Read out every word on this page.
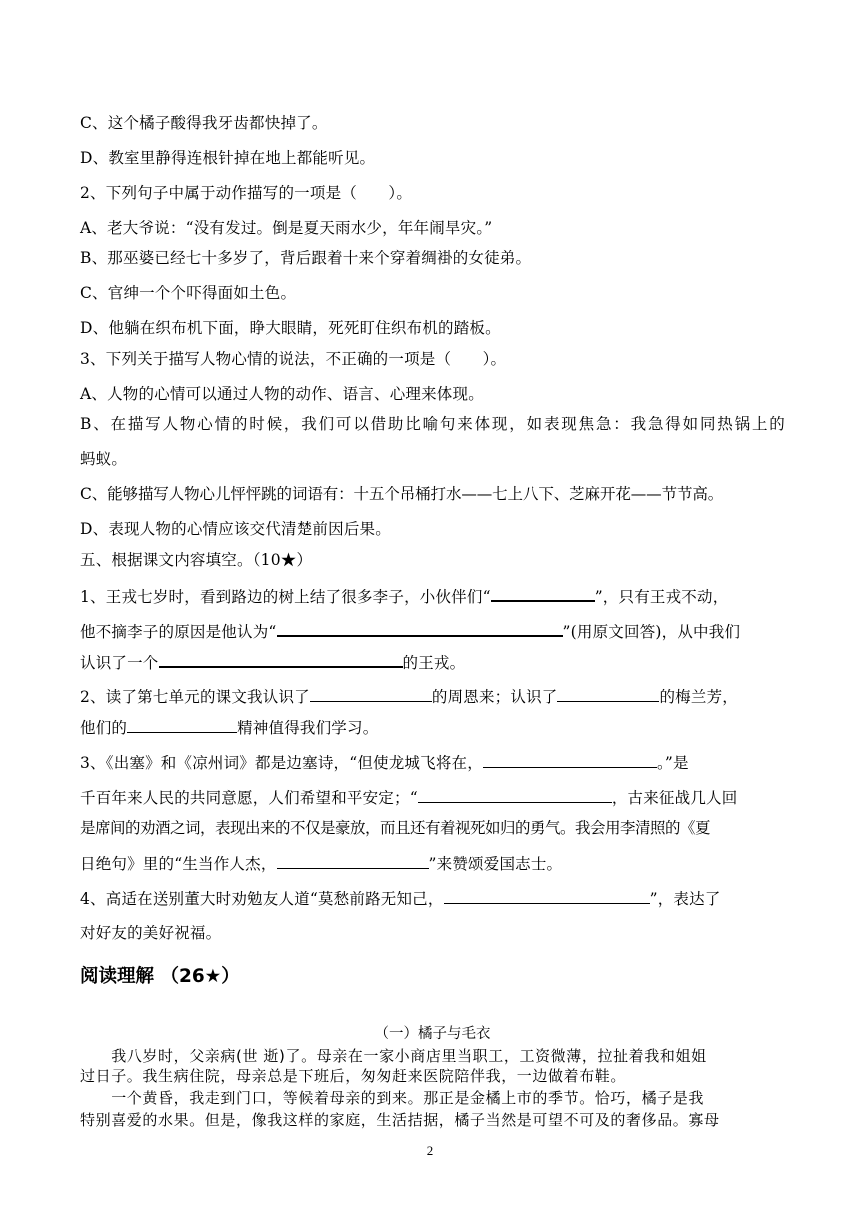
C、这个橘子酸得我牙齿都快掉了。

D、教室里静得连根针掉在地上都能听见。

2、下列句子中属于动作描写的一项是（　　）。

A、老大爷说：“没有发过。倒是夏天雨水少，年年闹旱灾。”

B、那巫婆已经七十多岁了，背后跟着十来个穿着绸褂的女徒弟。

C、官绅一个个吓得面如土色。

D、他躺在织布机下面，睁大眼睛，死死盯住织布机的踏板。

3、下列关于描写人物心情的说法，不正确的一项是（　　）。

A、人物的心情可以通过人物的动作、语言、心理来体现。

B、在描写人物心情的时候，我们可以借助比喻句来体现，如表现焦急：我急得如同热锅上的

蚂蚁。

C、能够描写人物心儿怦怦跳的词语有：十五个吊桶打水——七上八下、芝麻开花——节节高。

D、表现人物的心情应该交代清楚前因后果。

五、根据课文内容填空。（10★）

1、王戎七岁时，看到路边的树上结了很多李子，小伙伴们“	”，只有王戎不动，

他不摘李子的原因是他认为“	”(用原文回答)，从中我们

认识了一个	的王戎。

2、读了第七单元的课文我认识了	的周恩来；认识了	的梅兰芳，

他们的	精神值得我们学习。

3、《出塞》和《凉州词》都是边塞诗，“但使龙城飞将在，	。”是

千百年来人民的共同意愿，人们希望和平安定；“	，古来征战几人回

是席间的劝酒之词，表现出来的不仅是豪放，而且还有着视死如归的勇气。我会用李清照的《夏

日绝句》里的“生当作人杰，	”来赞颂爱国志士。

4、高适在送别董大时劝勉友人道“莫愁前路无知己，	”，表达了

对好友的美好祝福。

阅读理解 （26★）

（一）橘子与毛衣

　　我八岁时，父亲病(世 逝)了。母亲在一家小商店里当职工，工资微薄，拉扯着我和姐姐

过日子。我生病住院，母亲总是下班后，匆匆赶来医院陪伴我，一边做着布鞋。

　　一个黄昏，我走到门口，等候着母亲的到来。那正是金橘上市的季节。恰巧，橘子是我

特别喜爱的水果。但是，像我这样的家庭，生活拮据，橘子当然是可望不可及的奢侈品。寡母

2
